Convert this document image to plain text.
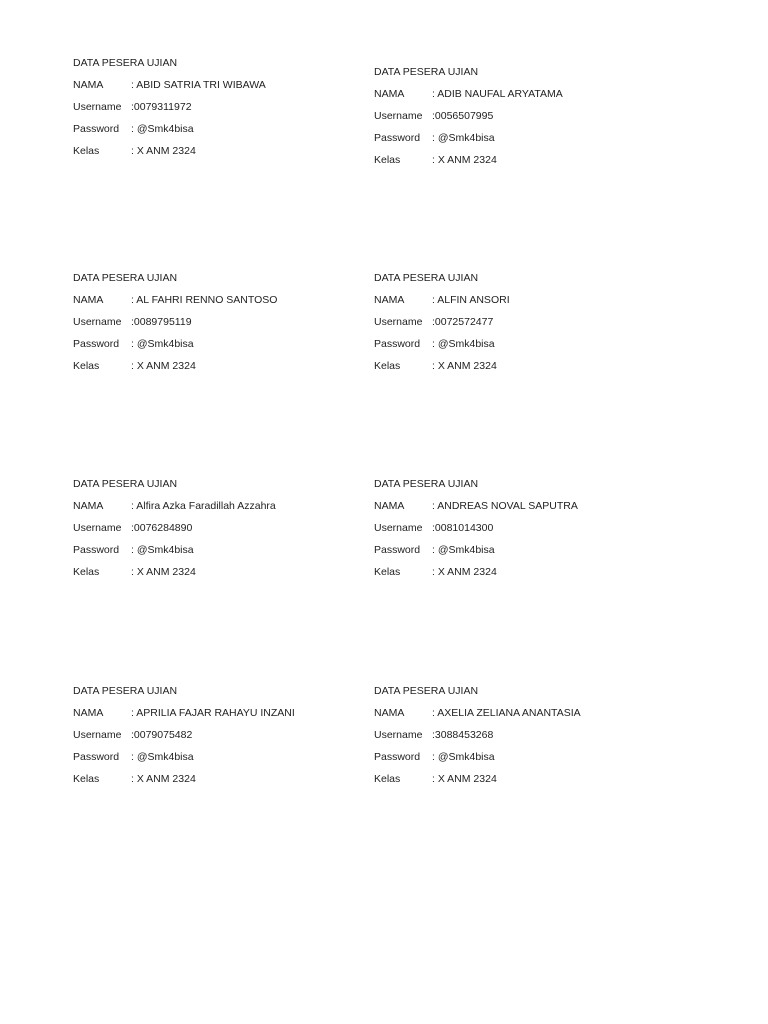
DATA PESERA UJIAN
NAMA	: ABID SATRIA TRI WIBAWA
Username :0079311972
Password : @Smk4bisa
Kelas	: X ANM 2324
DATA PESERA UJIAN
NAMA	: ADIB NAUFAL ARYATAMA
Username :0056507995
Password : @Smk4bisa
Kelas	: X ANM 2324
DATA PESERA UJIAN
NAMA	: AL FAHRI RENNO SANTOSO
Username :0089795119
Password : @Smk4bisa
Kelas	: X ANM 2324
DATA PESERA UJIAN
NAMA	: ALFIN ANSORI
Username :0072572477
Password : @Smk4bisa
Kelas	: X ANM 2324
DATA PESERA UJIAN
NAMA	: Alfira Azka Faradillah Azzahra
Username :0076284890
Password : @Smk4bisa
Kelas	: X ANM 2324
DATA PESERA UJIAN
NAMA	: ANDREAS NOVAL SAPUTRA
Username :0081014300
Password : @Smk4bisa
Kelas	: X ANM 2324
DATA PESERA UJIAN
NAMA	: APRILIA FAJAR RAHAYU INZANI
Username :0079075482
Password : @Smk4bisa
Kelas	: X ANM 2324
DATA PESERA UJIAN
NAMA	: AXELIA ZELIANA ANANTASIA
Username :3088453268
Password : @Smk4bisa
Kelas	: X ANM 2324
